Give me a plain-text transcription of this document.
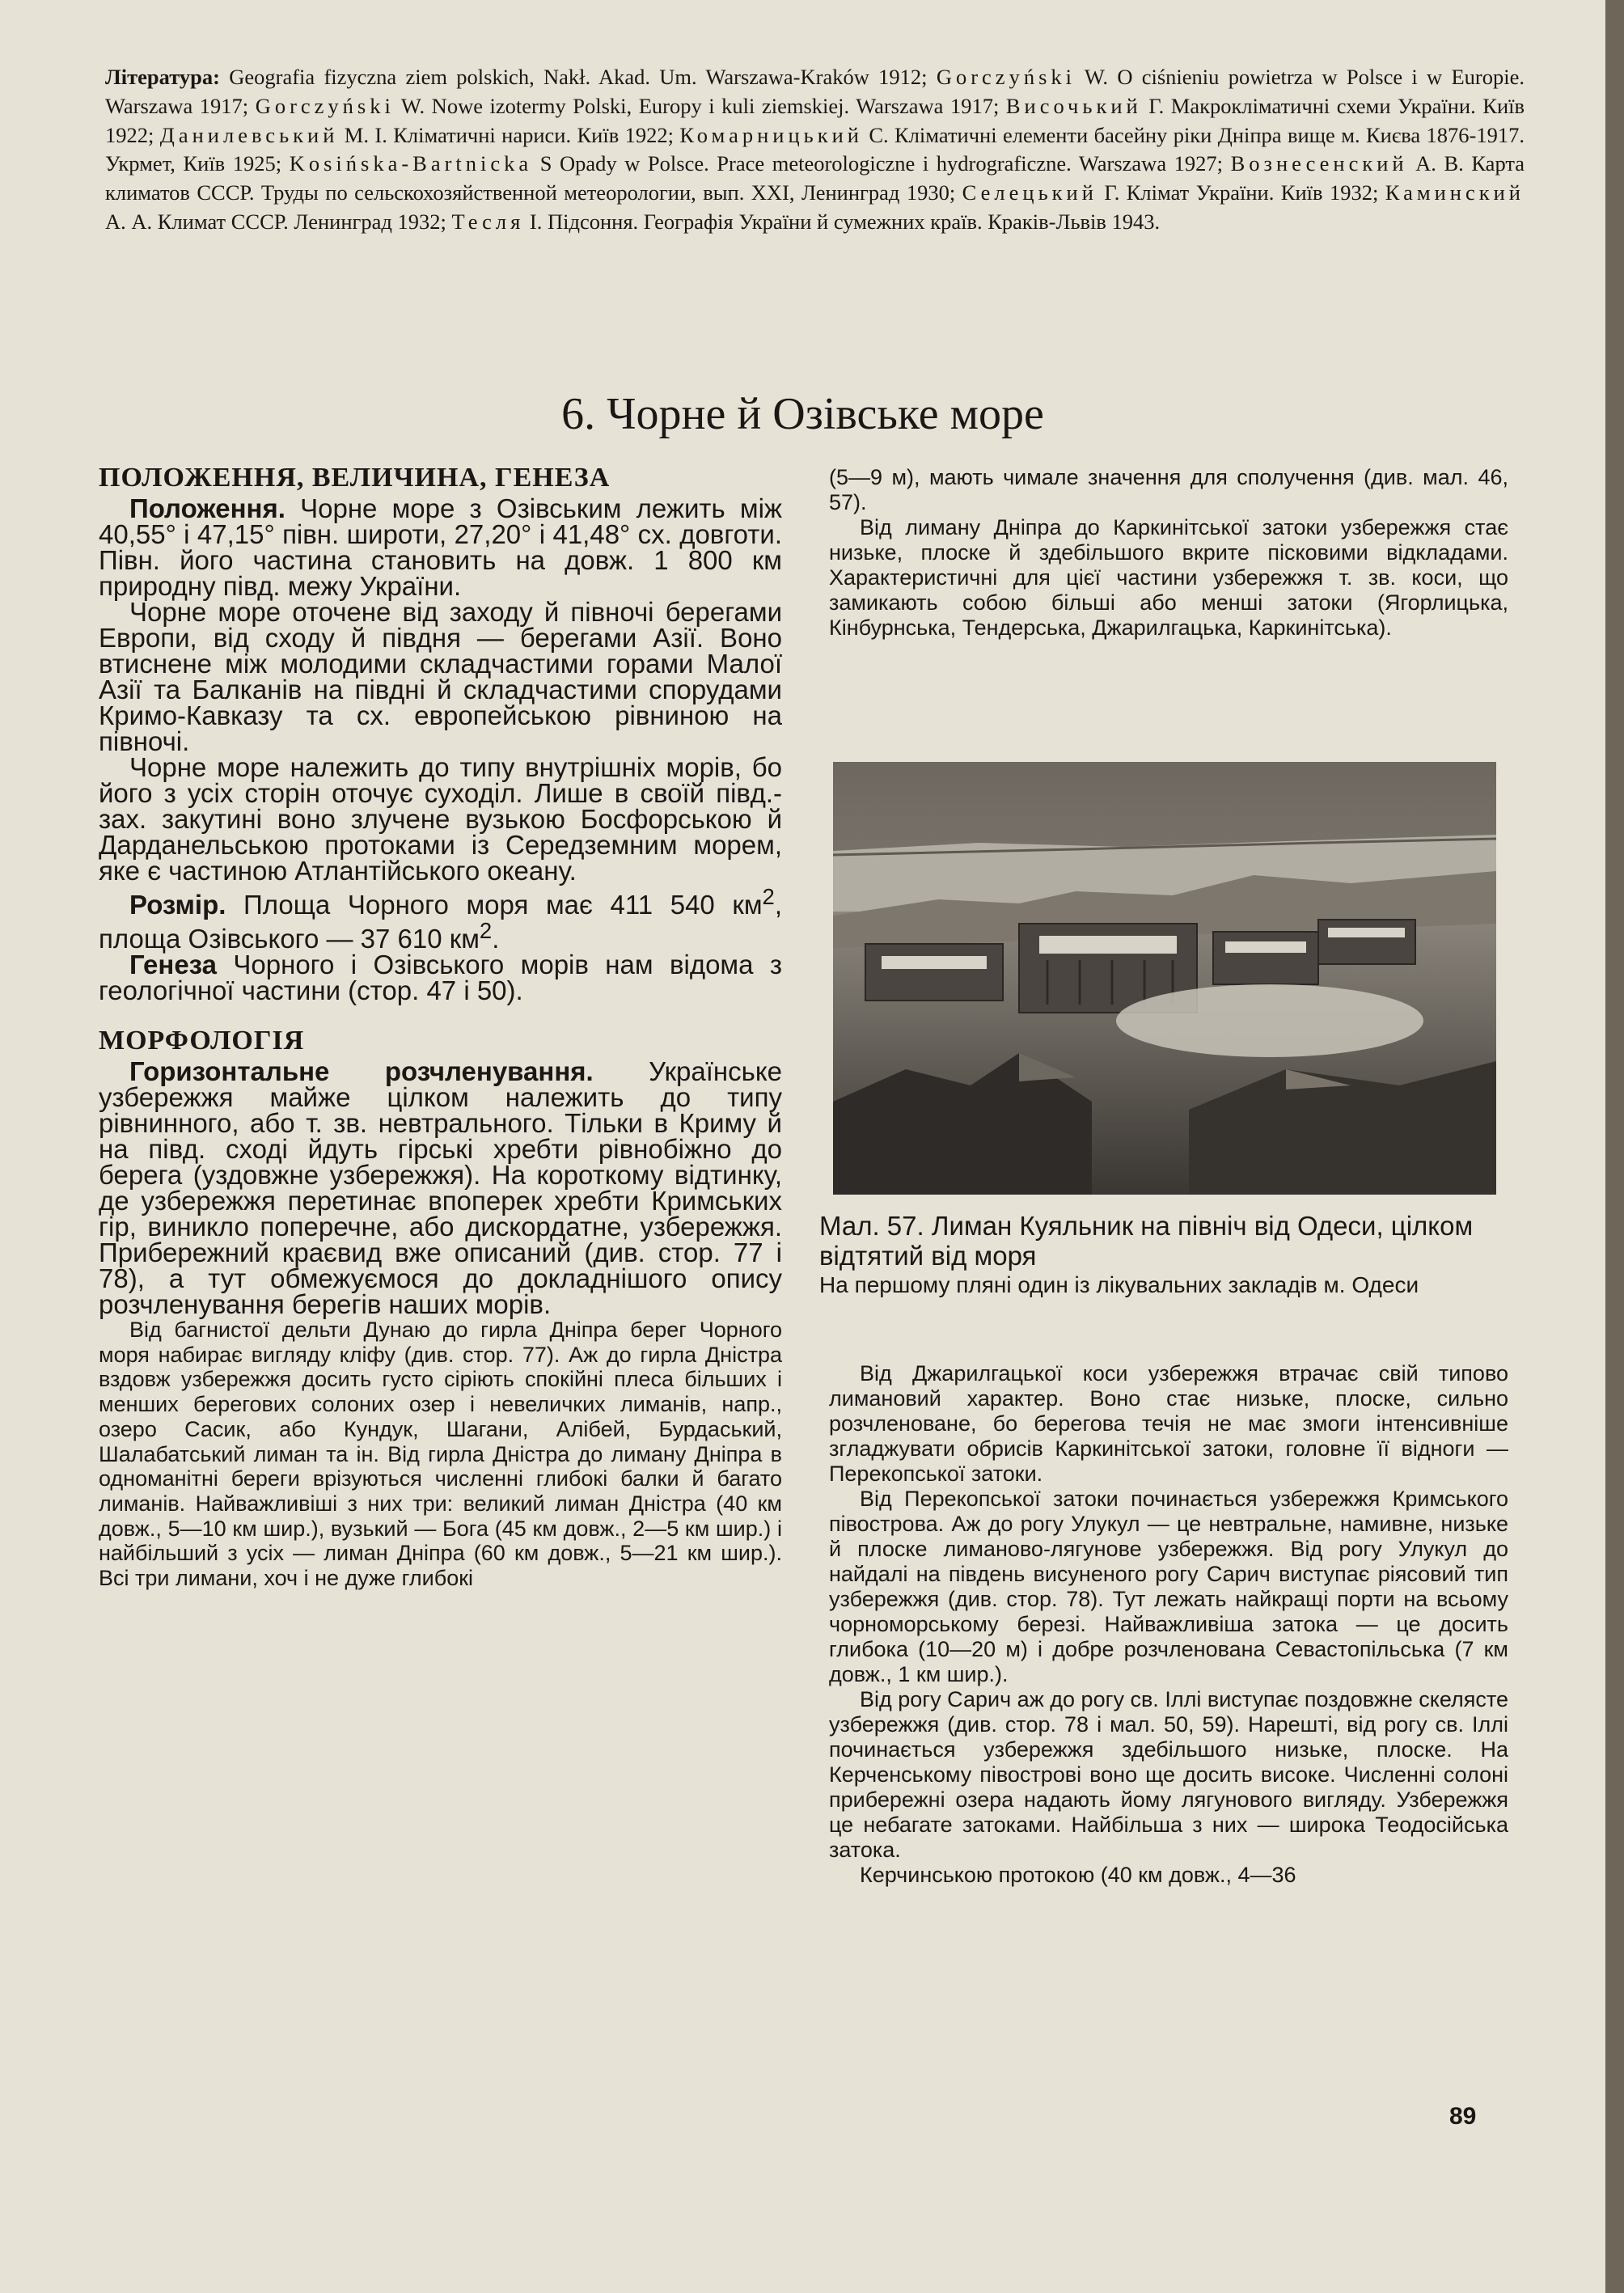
Література: Geografia fizyczna ziem polskich, Nakł. Akad. Um. Warszawa-Kraków 1912; Gorczyński W. O ciśnieniu powietrza w Polsce i w Europie. Warszawa 1917; Gorczyński W. Nowe izotermy Polski, Europy i kuli ziemskiej. Warszawa 1917; Височький Г. Макрокліматичні схеми України. Київ 1922; Данилевський М. І. Кліматичні нариси. Київ 1922; Комарницький С. Кліматичні елементи басейну ріки Дніпра вище м. Києва 1876-1917. Укрмет, Київ 1925; Kosińska-Bartnicka S Opady w Polsce. Prace meteorologiczne i hydrograficzne. Warszawa 1927; Вознесенский А. В. Карта климатов СССР. Труды по сельскохозяйственной метеорологии, вып. XXI, Ленинград 1930; Селецький Г. Клімат України. Київ 1932; Каминский А. А. Климат СССР. Ленинград 1932; Тесля І. Підсоння. Географія України й сумежних країв. Краків-Львів 1943.

6. Чорне й Озівське море
ПОЛОЖЕННЯ, ВЕЛИЧИНА, ГЕНЕЗА

Положення. Чорне море з Озівським лежить між 40,55° і 47,15° півн. широти, 27,20° і 41,48° сх. довготи. Півн. його частина становить на довж. 1 800 км природну півд. межу України.

Чорне море оточене від заходу й півночі берегами Европи, від сходу й півдня — берегами Азії. Воно втиснене між молодими складчастими горами Малої Азії та Балканів на півдні й складчастими спорудами Кримо-Кавказу та сх. европейською рівниною на півночі.

Чорне море належить до типу внутрішніх морів, бо його з усіх сторін оточує суходіл. Лише в своїй півд.-зах. закутині воно злучене вузькою Босфорською й Дарданельською протоками із Середземним морем, яке є частиною Атлантійського океану.

Розмір. Площа Чорного моря має 411 540 $км^2$, площа Озівського — 37 610 $км^2$.

Генеза Чорного і Озівського морів нам відома з геологічної частини (стор. 47 і 50).

МОРФОЛОГІЯ

Горизонтальне розчленування. Українське узбережжя майже цілком належить до типу рівнинного, або т. зв. невтрального. Тільки в Криму й на півд. сході йдуть гірські хребти рівнобіжно до берега (уздовжне узбережжя). На короткому відтинку, де узбережжя перетинає впоперек хребти Кримських гір, виникло поперечне, або дискордатне, узбережжя. Прибережний краєвид вже описаний (див. стор. 77 і 78), а тут обмежуємося до докладнішого опису розчленування берегів наших морів.

Від багнистої дельти Дунаю до гирла Дніпра берег Чорного моря набирає вигляду кліфу (див. стор. 77). Аж до гирла Дністра вздовж узбережжя досить густо сіріють спокійні плеса більших і менших берегових солоних озер і невеличких лиманів, напр., озеро Сасик, або Кундук, Шагани, Алібей, Бурдаський, Шалабатський лиман та ін. Від гирла Дністра до лиману Дніпра в одноманітні береги врізуються численні глибокі балки й багато лиманів. Найважливіші з них три: великий лиман Дністра (40 км довж., 5—10 км шир.), вузький — Бога (45 км довж., 2—5 км шир.) і найбільший з усіх — лиман Дніпра (60 км довж., 5—21 км шир.). Всі три лимани, хоч і не дуже глибокі

(5—9 м), мають чимале значення для сполучення (див. мал. 46, 57).

Від лиману Дніпра до Каркинітської затоки узбережжя стає низьке, плоске й здебільшого вкрите пісковими відкладами. Характеристичні для цієї частини узбережжя т. зв. коси, що замикають собою більші або менші затоки (Ягорлицька, Кінбурнська, Тендерська, Джарилгацька, Каркинітська).

Мал. 57. Лиман Куяльник на північ від Одеси, цілком відтятий від моря

На першому пляні один із лікувальних закладів м. Одеси

Від Джарилгацької коси узбережжя втрачає свій типово лимановий характер. Воно стає низьке, плоске, сильно розчленоване, бо берегова течія не має змоги інтенсивніше згладжувати обрисів Каркинітської затоки, головне її відноги — Перекопської затоки.

Від Перекопської затоки починається узбережжя Кримського півострова. Аж до рогу Улукул — це невтральне, намивне, низьке й плоске лиманово-лягунове узбережжя. Від рогу Улукул до найдалі на південь висуненого рогу Сарич виступає ріясовий тип узбережжя (див. стор. 78). Тут лежать найкращі порти на всьому чорноморському березі. Найважливіша затока — це досить глибока (10—20 м) і добре розчленована Севастопільська (7 км довж., 1 км шир.).

Від рогу Сарич аж до рогу св. Іллі виступає поздовжне скелясте узбережжя (див. стор. 78 і мал. 50, 59). Нарешті, від рогу св. Іллі починається узбережжя здебільшого низьке, плоске. На Керченському півострові воно ще досить високе. Численні солоні прибережні озера надають йому лягунового вигляду. Узбережжя це небагате затоками. Найбільша з них — широка Теодосійська затока.

Керчинською протокою (40 км довж., 4—36

89
